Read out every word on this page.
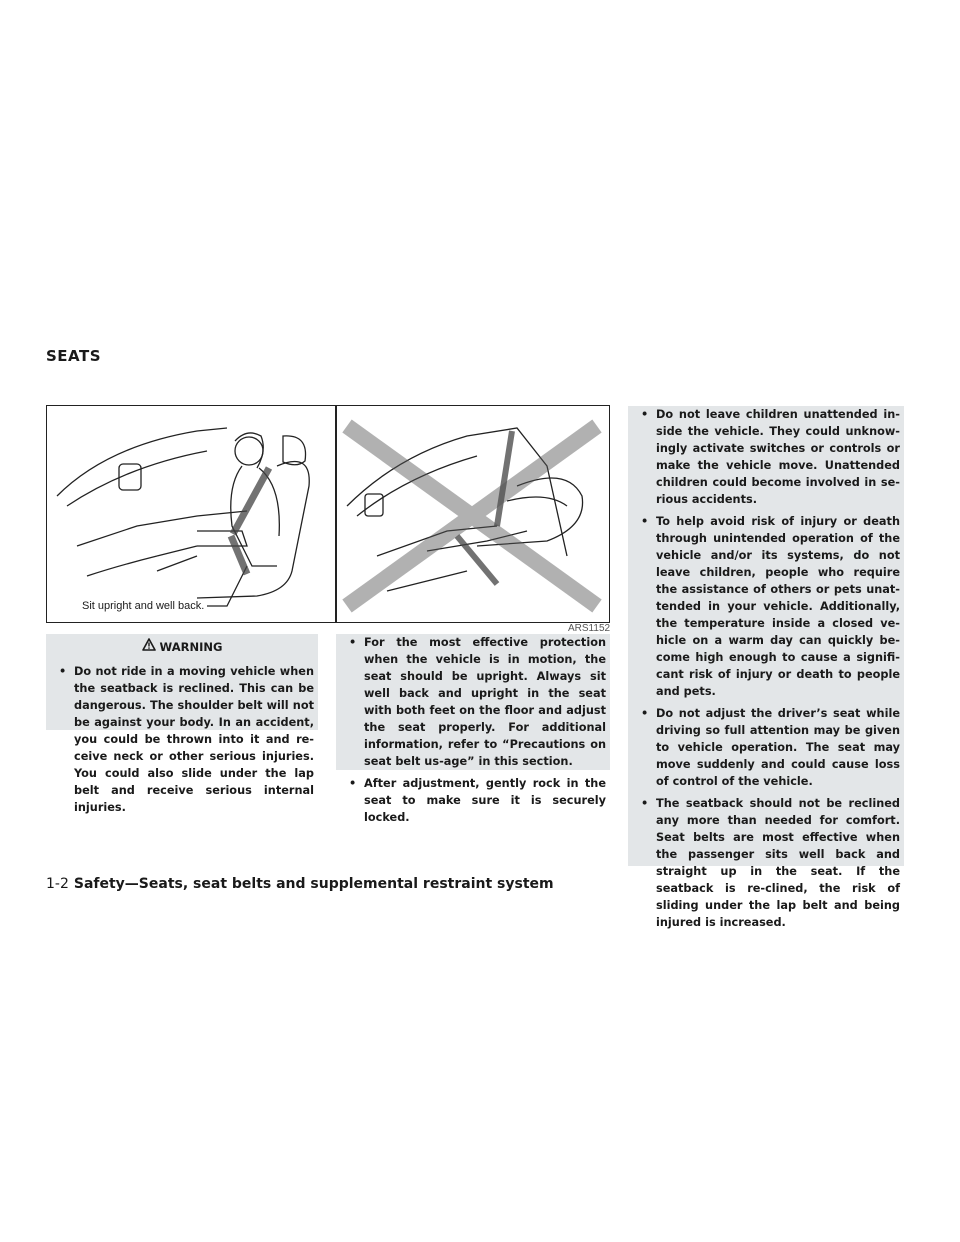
SEATS
Sit upright and well back.
ARS1152
WARNING
• Do not ride in a moving vehicle when the seatback is reclined. This can be dangerous. The shoulder belt will not be against your body. In an accident, you could be thrown into it and re-ceive neck or other serious injuries. You could also slide under the lap belt and receive serious internal injuries.
• For the most effective protection when the vehicle is in motion, the seat should be upright. Always sit well back and upright in the seat with both feet on the floor and adjust the seat properly. For additional information, refer to “Precautions on seat belt us-age” in this section.
• After adjustment, gently rock in the seat to make sure it is securely locked.
• Do not leave children unattended in-side the vehicle. They could unknow-ingly activate switches or controls or make the vehicle move. Unattended children could become involved in se-rious accidents.
• To help avoid risk of injury or death through unintended operation of the vehicle and/or its systems, do not leave children, people who require the assistance of others or pets unat-tended in your vehicle. Additionally, the temperature inside a closed ve-hicle on a warm day can quickly be-come high enough to cause a signifi-cant risk of injury or death to people and pets.
• Do not adjust the driver’s seat while driving so full attention may be given to vehicle operation. The seat may move suddenly and could cause loss of control of the vehicle.
• The seatback should not be reclined any more than needed for comfort. Seat belts are most effective when the passenger sits well back and straight up in the seat. If the seatback is re-clined, the risk of sliding under the lap belt and being injured is increased.
1-2 Safety—Seats, seat belts and supplemental restraint system
